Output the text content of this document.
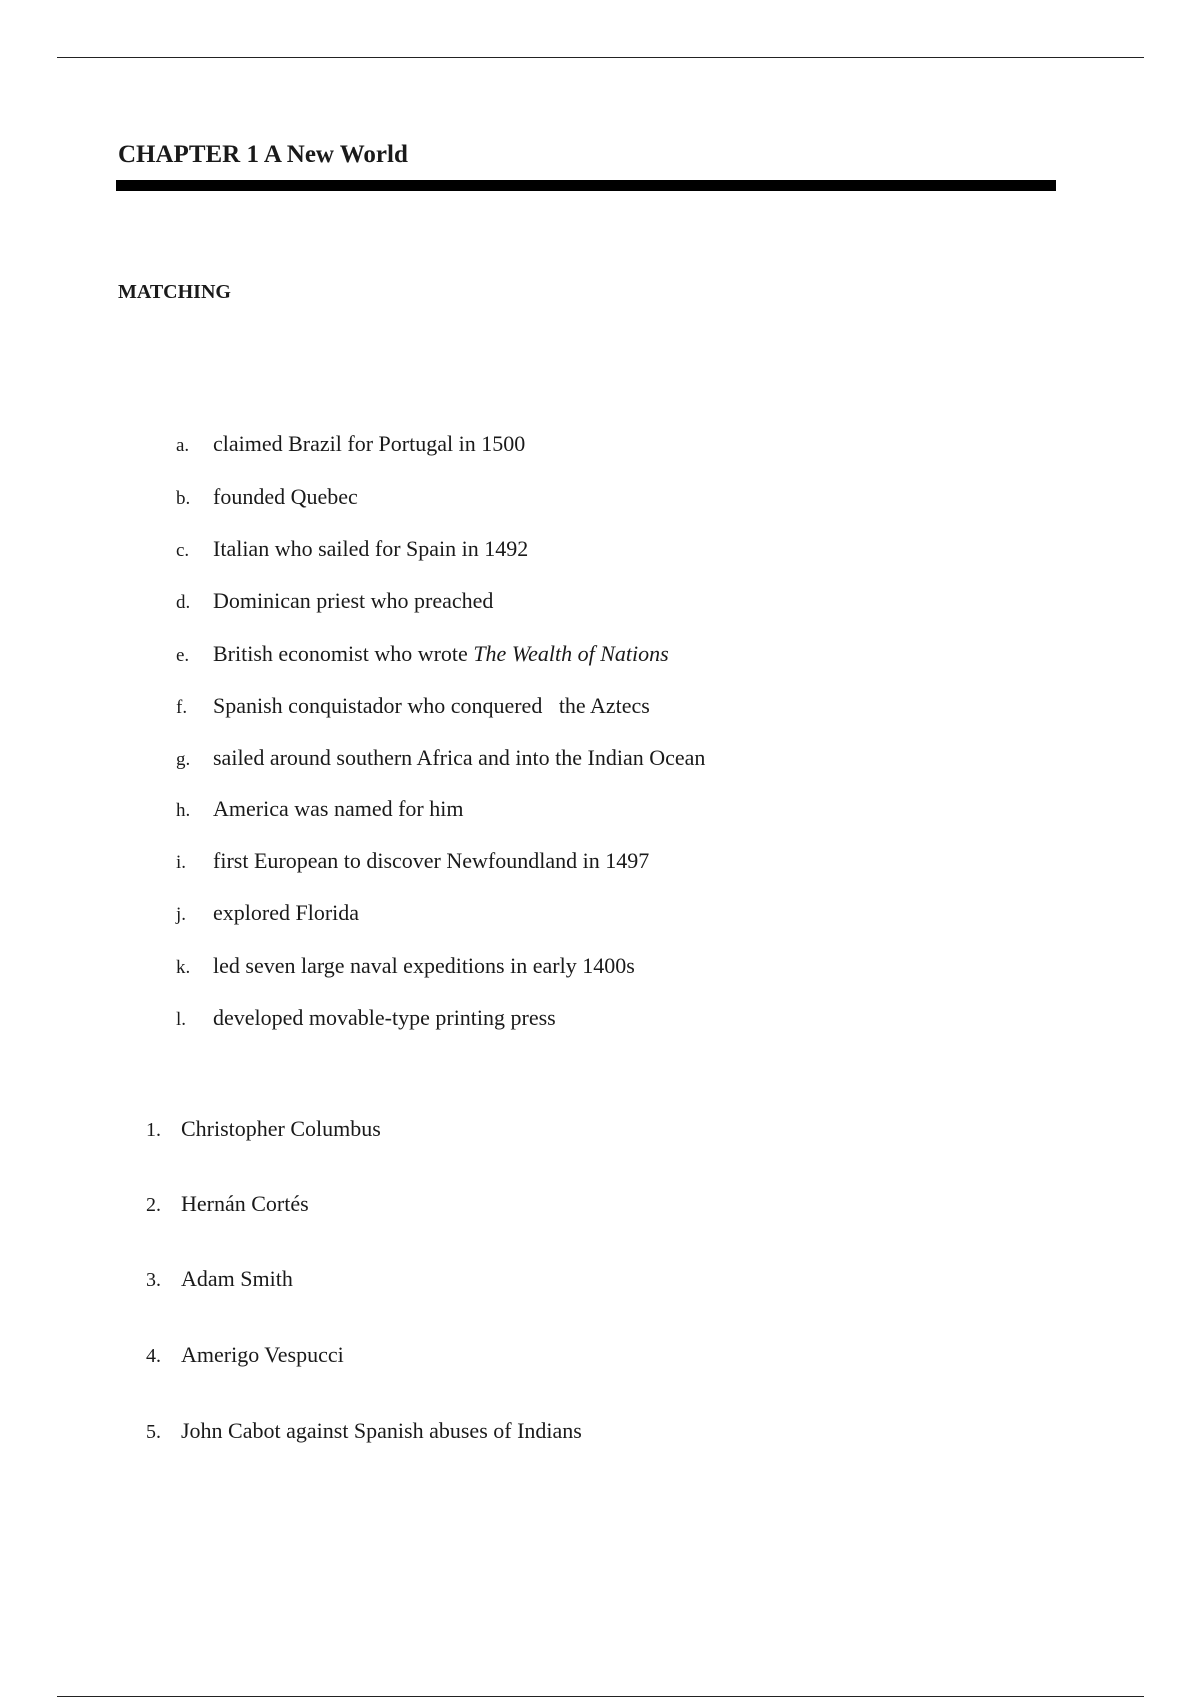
CHAPTER 1 A New World
MATCHING
a. claimed Brazil for Portugal in 1500
b. founded Quebec
c. Italian who sailed for Spain in 1492
d. Dominican priest who preached
e. British economist who wrote The Wealth of Nations
f. Spanish conquistador who conquered   the Aztecs
g. sailed around southern Africa and into the Indian Ocean
h. America was named for him
i. first European to discover Newfoundland in 1497
j. explored Florida
k. led seven large naval expeditions in early 1400s
l. developed movable-type printing press
1. Christopher Columbus
2. Hernán Cortés
3. Adam Smith
4. Amerigo Vespucci
5. John Cabot against Spanish abuses of Indians
